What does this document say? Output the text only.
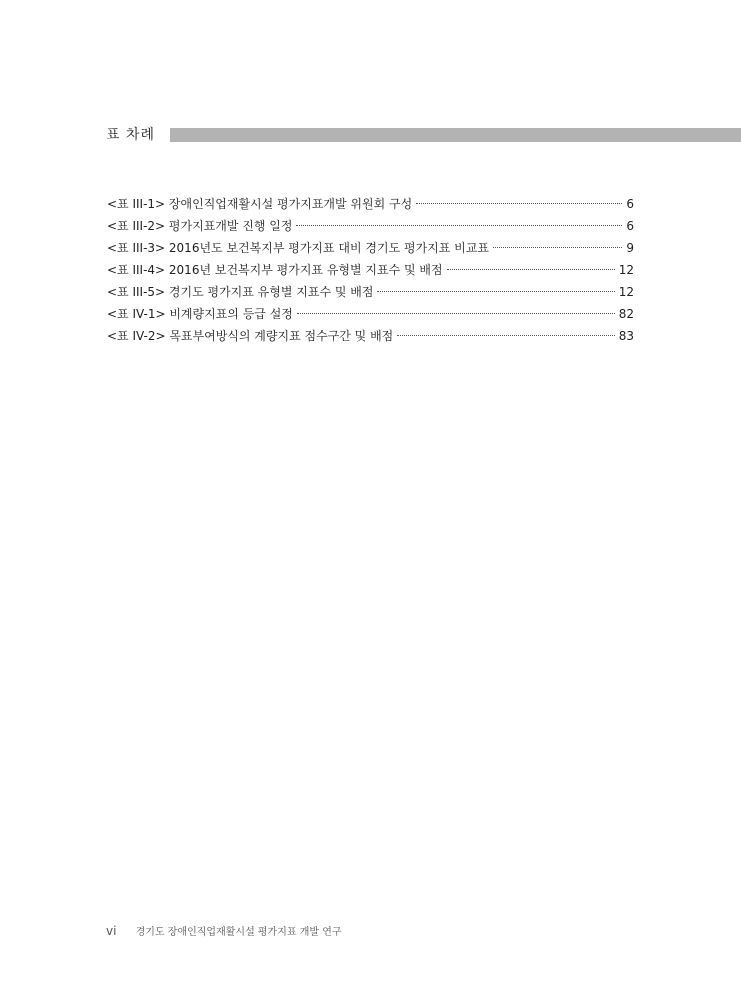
표 차례
<표 III-1> 장애인직업재활시설 평가지표개발 위원회 구성	6
<표 III-2> 평가지표개발 진행 일정	6
<표 III-3> 2016년도 보건복지부 평가지표 대비 경기도 평가지표 비교표	9
<표 III-4> 2016년 보건복지부 평가지표 유형별 지표수 및 배점	12
<표 III-5> 경기도 평가지표 유형별 지표수 및 배점	12
<표 IV-1> 비계량지표의 등급 설정	82
<표 IV-2> 목표부여방식의 계량지표 점수구간 및 배점	83
vi 경기도 장애인직업재활시설 평가지표 개발 연구
